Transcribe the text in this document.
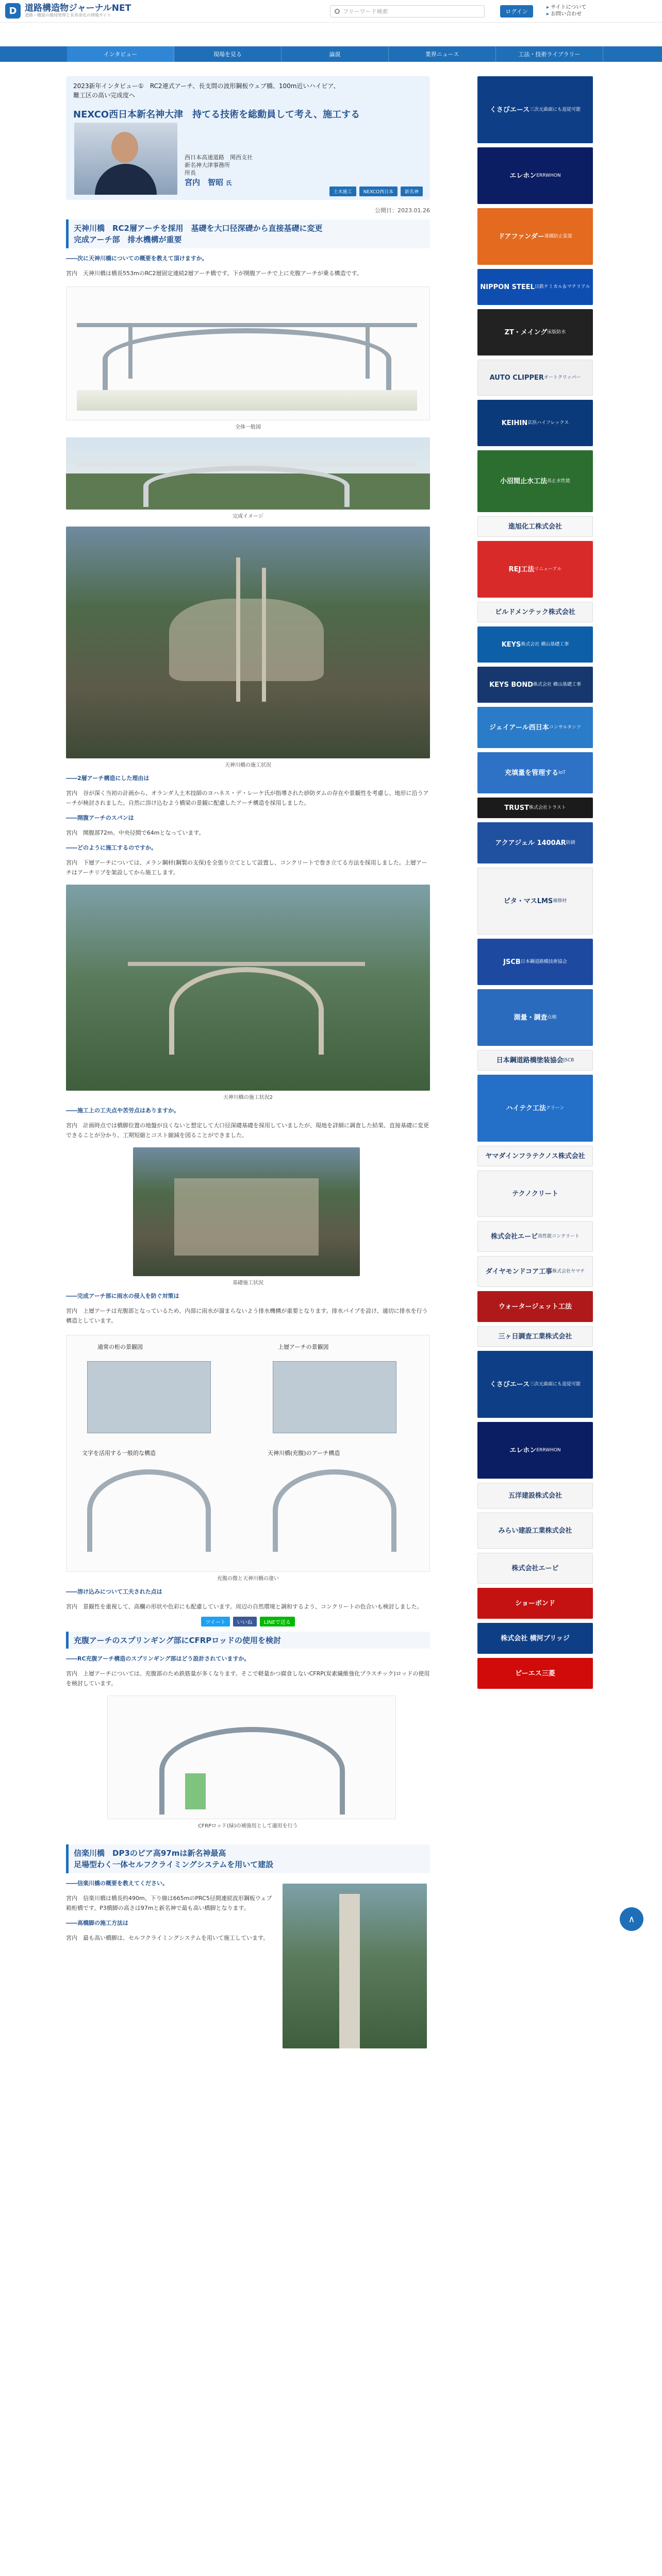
D 道路構造物ジャーナルNET
道路・橋梁の維持管理と長寿命化の情報サイト
フリーワード検索	ログイン
▸ サイトについて
▸ お問い合わせ
インタビュー	現場を見る	論説	業界ニュース	工法・技術ライブラリー
2023新年インタビュー①　RC2連式アーチ、長支間の波形鋼板ウェブ橋、100m近いハイピア、
難工区の高い完成度へ
NEXCO西日本新名神大津　持てる技術を総動員して考え、施工する
西日本高速道路　関西支社
新名神大津事務所
所長
宮内　智昭 氏
土木施工	NEXCO西日本	新名神
公開日：2023.01.26
天神川橋　RC2層アーチを採用　基礎を大口径深礎から直接基礎に変更
完成アーチ部　排水機構が重要
――次に天神川橋についての概要を教えて頂けますか。
宮内　天神川橋は橋長553mのRC2層固定連続2層アーチ橋です。下が開腹アーチで上に充腹アーチが乗る構造です。
全体一般図
完成イメージ
天神川橋の施工状況
――2層アーチ構造にした理由は
宮内　谷が深く当初の計画から、オランダ人土木技師のヨハネス・デ・レーケ氏が指導された砂防ダムの存在や景観性を考慮し、地形に沿うアーチが検討されました。自然に溶け込むよう橋梁の景観に配慮したアーチ構造を採用しました。
――開腹アーチのスパンは
宮内　開腹部72m、中央径間で64mとなっています。
――どのように施工するのですか。
宮内　下層アーチについては、メラン鋼材(鋼製の支保)を全張り立てとして設置し、コンクリートで巻き立てる方法を採用しました。上層アーチはアーチリブを架設してから施工します。
天神川橋の施工状況2
――施工上の工夫点や苦労点はありますか。
宮内　計画時点では橋脚位置の地盤が良くないと想定して大口径深礎基礎を採用していましたが、現地を詳細に調査した結果、直接基礎に変更できることが分かり、工期短縮とコスト縮減を図ることができました。
基礎施工状況
――完成アーチ部に雨水の侵入を防ぐ対策は
宮内　上層アーチは充腹部となっているため、内部に雨水が溜まらないよう排水機構が重要となります。排水パイプを設け、適切に排水を行う構造としています。
通常の桁の景観図	上層アーチの景観図
文字を活用する一般的な構造	天神川橋(充腹)のアーチ構造
充腹の微と天神川橋の違い
――溶け込みについて工夫された点は
宮内　景観性を重視して、高欄の形状や色彩にも配慮しています。周辺の自然環境と調和するよう、コンクリートの色合いも検討しました。
ツイート	いいね	LINEで送る
充腹アーチのスプリンギング部にCFRPロッドの使用を検討
――RC充腹アーチ構造のスプリンギング部はどう設計されていますか。
宮内　上層アーチについては、充腹部のため鉄筋量が多くなります。そこで軽量かつ腐食しないCFRP(炭素繊維強化プラスチック)ロッドの使用を検討しています。
CFRPロッド(緑)の補強用として適用を行う
信楽川橋　DP3のピア高97mは新名神最高
足場型わく一体セルフクライミングシステムを用いて建設
――信楽川橋の概要を教えてください。
宮内　信楽川橋は橋長約490m、下り線は665mのPRC5径間連続波形鋼板ウェブ箱桁橋です。P3橋脚の高さは97mと新名神で最も高い橋脚となります。
――高橋脚の施工方法は
宮内　最も高い橋脚は、セルフクライミングシステムを用いて施工しています。
くさびエース 三次元曲面にも追従可能
エレホン ERRWHON
ドアファンダー 落橋防止装置
NIPPON STEEL 日鉄ケミカル＆マテリアル
ZT・メイング 床版防水
AUTO CLIPPER オートクリッパー
KEIHIN 京浜ハイフレックス
小沼間止水工法 高止水性能
進旭化工株式会社
REJ工法 リニューアル
ビルドメンテック株式会社
KEYS 株式会社 横山基礎工事
KEYS BOND 株式会社 横山基礎工事
ジェイアール西日本 コンサルタンツ
充填量を管理する IoT
TRUST 株式会社トラスト
アクアジェル 1400AR 防錆
ピタ・マスLMS 補修材
JSCB 日本鋼道路橋技術協会
測量・調査 点検
日本鋼道路橋塗装協会 JSCB
ハイテク工法 クリーン
ヤマダインフラテクノス株式会社
テクノクリート
株式会社エービ 高性能コンクリート
ダイヤモンドコア工事 株式会社ヤマチ
ウォータージェット工法
三ヶ日調査工業株式会社
くさびエース 三次元曲面にも追従可能
エレホン ERRWHON
五洋建設株式会社
みらい建設工業株式会社
株式会社エービ
ショーボンド
株式会社 横河ブリッジ
ピーエス三菱
∧
